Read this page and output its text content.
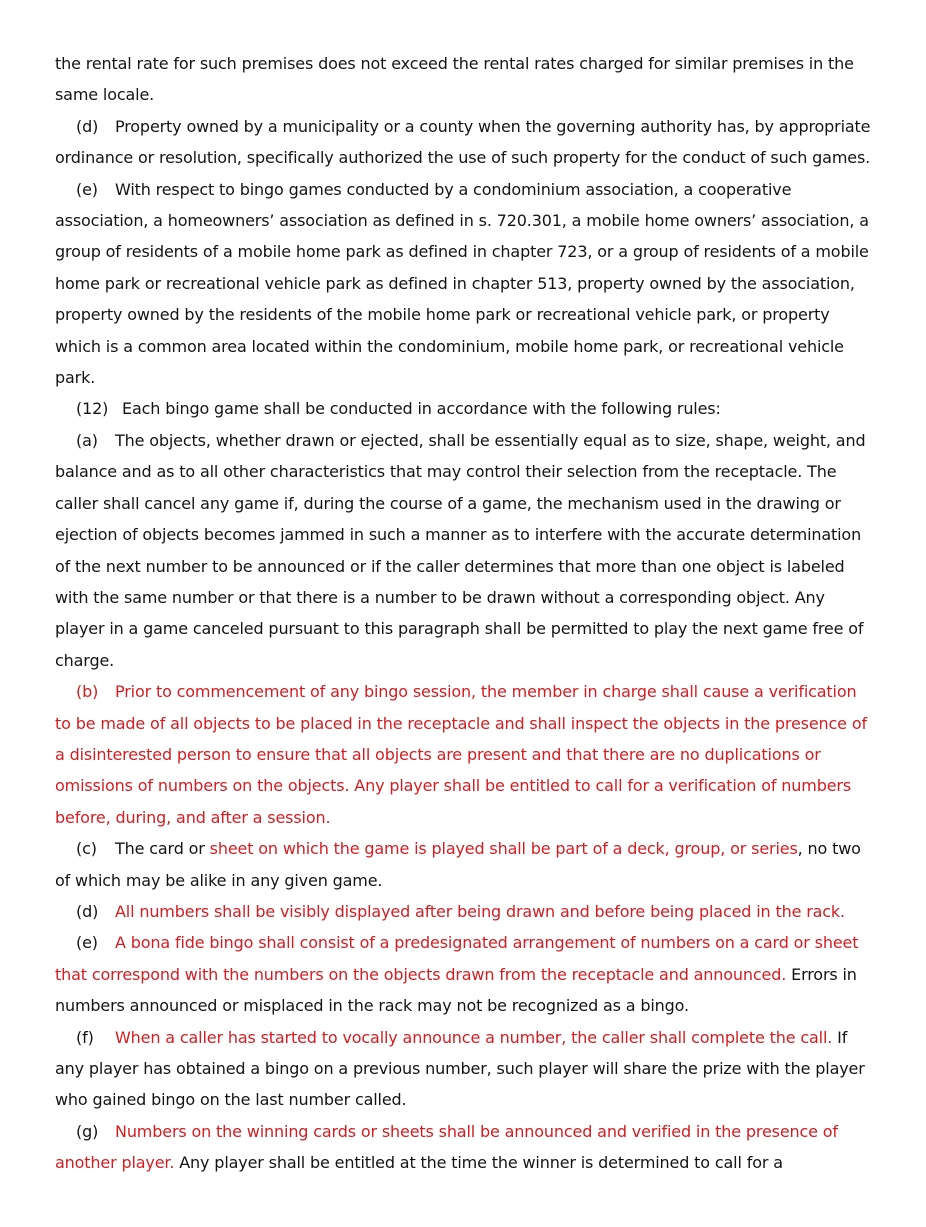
the rental rate for such premises does not exceed the rental rates charged for similar premises in the same locale.

(d) Property owned by a municipality or a county when the governing authority has, by appropriate ordinance or resolution, specifically authorized the use of such property for the conduct of such games.

(e) With respect to bingo games conducted by a condominium association, a cooperative association, a homeowners’ association as defined in s. 720.301, a mobile home owners’ association, a group of residents of a mobile home park as defined in chapter 723, or a group of residents of a mobile home park or recreational vehicle park as defined in chapter 513, property owned by the association, property owned by the residents of the mobile home park or recreational vehicle park, or property which is a common area located within the condominium, mobile home park, or recreational vehicle park.

(12) Each bingo game shall be conducted in accordance with the following rules:

(a) The objects, whether drawn or ejected, shall be essentially equal as to size, shape, weight, and balance and as to all other characteristics that may control their selection from the receptacle. The caller shall cancel any game if, during the course of a game, the mechanism used in the drawing or ejection of objects becomes jammed in such a manner as to interfere with the accurate determination of the next number to be announced or if the caller determines that more than one object is labeled with the same number or that there is a number to be drawn without a corresponding object. Any player in a game canceled pursuant to this paragraph shall be permitted to play the next game free of charge.

(b) Prior to commencement of any bingo session, the member in charge shall cause a verification to be made of all objects to be placed in the receptacle and shall inspect the objects in the presence of a disinterested person to ensure that all objects are present and that there are no duplications or omissions of numbers on the objects. Any player shall be entitled to call for a verification of numbers before, during, and after a session.

(c) The card or sheet on which the game is played shall be part of a deck, group, or series, no two of which may be alike in any given game.

(d) All numbers shall be visibly displayed after being drawn and before being placed in the rack.

(e) A bona fide bingo shall consist of a predesignated arrangement of numbers on a card or sheet that correspond with the numbers on the objects drawn from the receptacle and announced. Errors in numbers announced or misplaced in the rack may not be recognized as a bingo.

(f) When a caller has started to vocally announce a number, the caller shall complete the call. If any player has obtained a bingo on a previous number, such player will share the prize with the player who gained bingo on the last number called.

(g) Numbers on the winning cards or sheets shall be announced and verified in the presence of another player. Any player shall be entitled at the time the winner is determined to call for a
